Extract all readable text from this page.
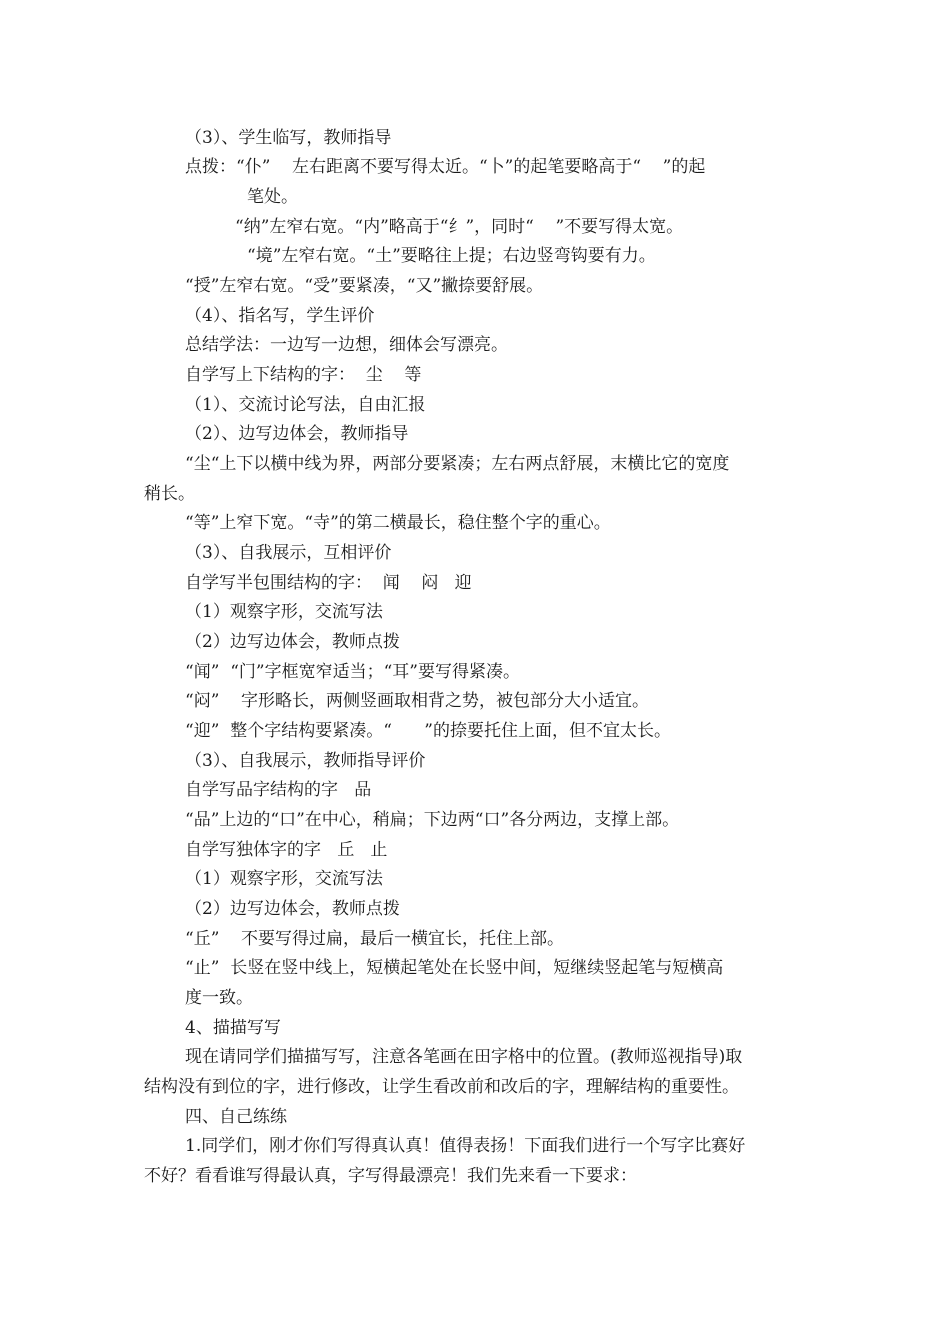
（3）、学生临写，教师指导
点拨：“仆”    左右距离不要写得太近。“卜”的起笔要略高于“    ”的起
笔处。
“纳”左窄右宽。“内”略高于“纟”，同时“    ”不要写得太宽。
“境”左窄右宽。“土”要略往上提；右边竖弯钩要有力。
“授”左窄右宽。“受”要紧凑，“又”撇捺要舒展。
（4）、指名写，学生评价
总结学法：一边写一边想，细体会写漂亮。
自学写上下结构的字：  尘    等
（1）、交流讨论写法，自由汇报
（2）、边写边体会，教师指导
“尘“上下以横中线为界，两部分要紧凑；左右两点舒展，末横比它的宽度
稍长。
“等”上窄下宽。“寺”的第二横最长，稳住整个字的重心。
（3）、自我展示，互相评价
自学写半包围结构的字：  闻    闷   迎
（1）观察字形，交流写法
（2）边写边体会，教师点拨
“闻”  “门”字框宽窄适当；“耳”要写得紧凑。
“闷”    字形略长，两侧竖画取相背之势，被包部分大小适宜。
“迎”  整个字结构要紧凑。“      ”的捺要托住上面，但不宜太长。
（3）、自我展示，教师指导评价
自学写品字结构的字   品
“品”上边的“口”在中心，稍扁；下边两“口”各分两边，支撑上部。
自学写独体字的字   丘   止
（1）观察字形，交流写法
（2）边写边体会，教师点拨
“丘”    不要写得过扁，最后一横宜长，托住上部。
“止”  长竖在竖中线上，短横起笔处在长竖中间，短继续竖起笔与短横高
度一致。
4、描描写写
现在请同学们描描写写，注意各笔画在田字格中的位置。(教师巡视指导)取
结构没有到位的字，进行修改，让学生看改前和改后的字，理解结构的重要性。
四、自己练练
1.同学们，刚才你们写得真认真！值得表扬！下面我们进行一个写字比赛好
不好？看看谁写得最认真，字写得最漂亮！我们先来看一下要求：
